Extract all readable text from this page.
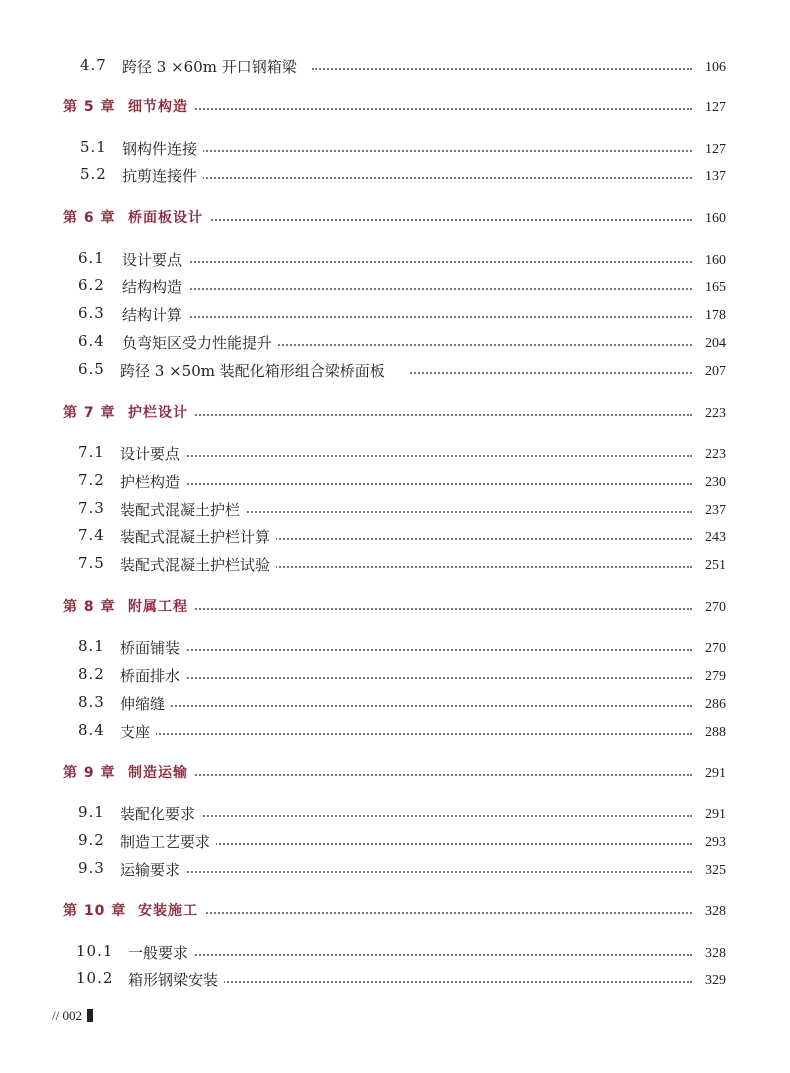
4.7 跨径 3 ×60m 开口钢箱梁	106
第 5 章 细节构造	127
5.1 钢构件连接	127
5.2 抗剪连接件	137
第 6 章 桥面板设计	160
6.1 设计要点	160
6.2 结构构造	165
6.3 结构计算	178
6.4 负弯矩区受力性能提升	204
6.5 跨径 3 ×50m 装配化箱形组合梁桥面板	207
第 7 章 护栏设计	223
7.1 设计要点	223
7.2 护栏构造	230
7.3 装配式混凝土护栏	237
7.4 装配式混凝土护栏计算	243
7.5 装配式混凝土护栏试验	251
第 8 章 附属工程	270
8.1 桥面铺装	270
8.2 桥面排水	279
8.3 伸缩缝	286
8.4 支座	288
第 9 章 制造运输	291
9.1 装配化要求	291
9.2 制造工艺要求	293
9.3 运输要求	325
第 10 章 安装施工	328
10.1 一般要求	328
10.2 箱形钢梁安装	329
// 002
